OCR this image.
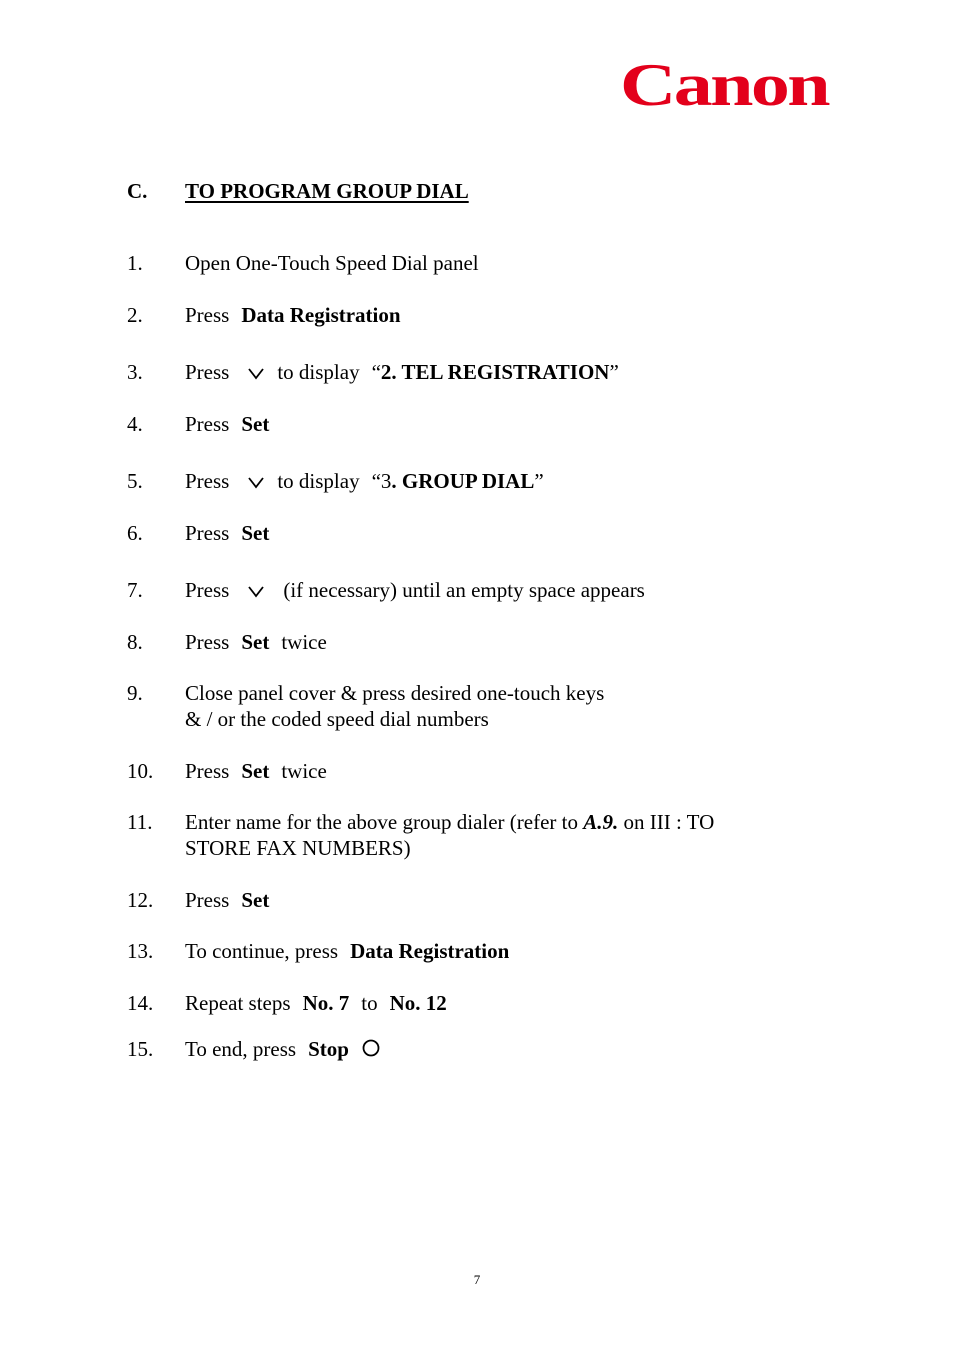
Canon
C. TO PROGRAM GROUP DIAL
1. Open One-Touch Speed Dial panel
2. Press Data Registration
3. Press to display “2. TEL REGISTRATION”
4. Press Set
5. Press to display “3. GROUP DIAL”
6. Press Set
7. Press	(if necessary) until an empty space appears
8. Press Set twice
9. Close panel cover & press desired one-touch keys
& / or the coded speed dial numbers
10. Press Set twice
11. Enter name for the above group dialer (refer to A.9. on III : TO
STORE FAX NUMBERS)
12. Press Set
13. To continue, press Data Registration
14. Repeat steps No. 7 to No. 12
15. To end, press Stop
7
